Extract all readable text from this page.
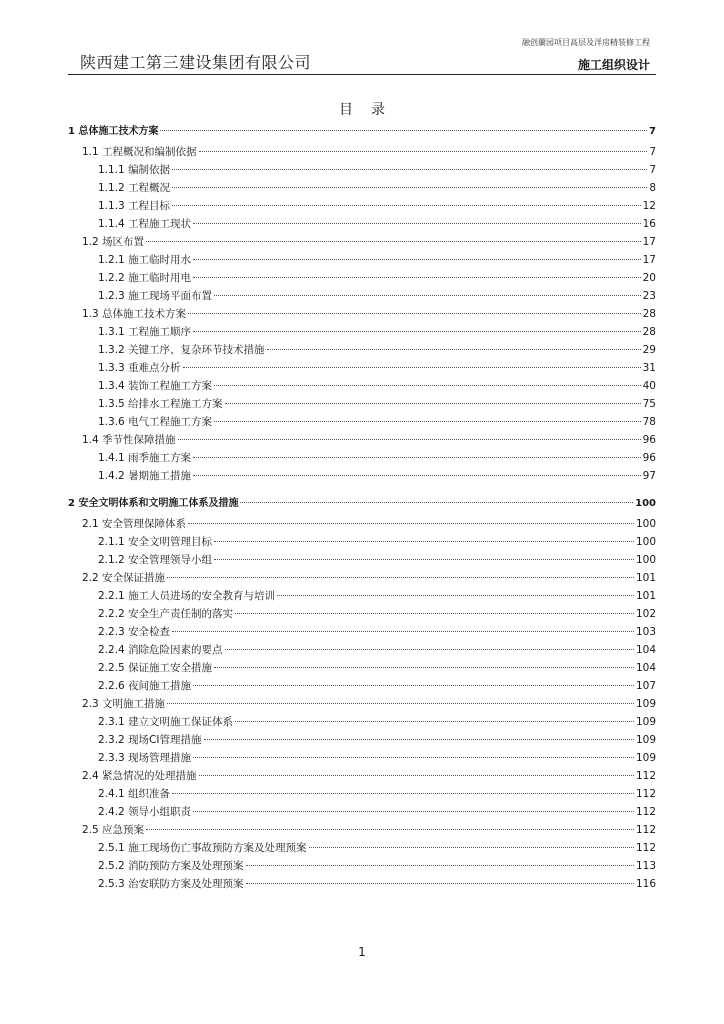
融创蘭园项目高层及洋房精装修工程
陕西建工第三建设集团有限公司	施工组织设计
目录
1 总体施工技术方案	7
1.1 工程概况和编制依据	7
1.1.1 编制依据	7
1.1.2 工程概况	8
1.1.3 工程目标	12
1.1.4 工程施工现状	16
1.2 场区布置	17
1.2.1 施工临时用水	17
1.2.2 施工临时用电	20
1.2.3 施工现场平面布置	23
1.3 总体施工技术方案	28
1.3.1 工程施工顺序	28
1.3.2 关键工序、复杂环节技术措施	29
1.3.3 重难点分析	31
1.3.4 装饰工程施工方案	40
1.3.5 给排水工程施工方案	75
1.3.6 电气工程施工方案	78
1.4 季节性保障措施	96
1.4.1 雨季施工方案	96
1.4.2 暑期施工措施	97
2 安全文明体系和文明施工体系及措施	100
2.1 安全管理保障体系	100
2.1.1 安全文明管理目标	100
2.1.2 安全管理领导小组	100
2.2 安全保证措施	101
2.2.1 施工人员进场的安全教育与培训	101
2.2.2 安全生产责任制的落实	102
2.2.3 安全检查	103
2.2.4 消除危险因素的要点	104
2.2.5 保证施工安全措施	104
2.2.6 夜间施工措施	107
2.3 文明施工措施	109
2.3.1 建立文明施工保证体系	109
2.3.2 现场CI管理措施	109
2.3.3 现场管理措施	109
2.4 紧急情况的处理措施	112
2.4.1 组织准备	112
2.4.2 领导小组职责	112
2.5 应急预案	112
2.5.1 施工现场伤亡事故预防方案及处理预案	112
2.5.2 消防预防方案及处理预案	113
2.5.3 治安联防方案及处理预案	116
1
